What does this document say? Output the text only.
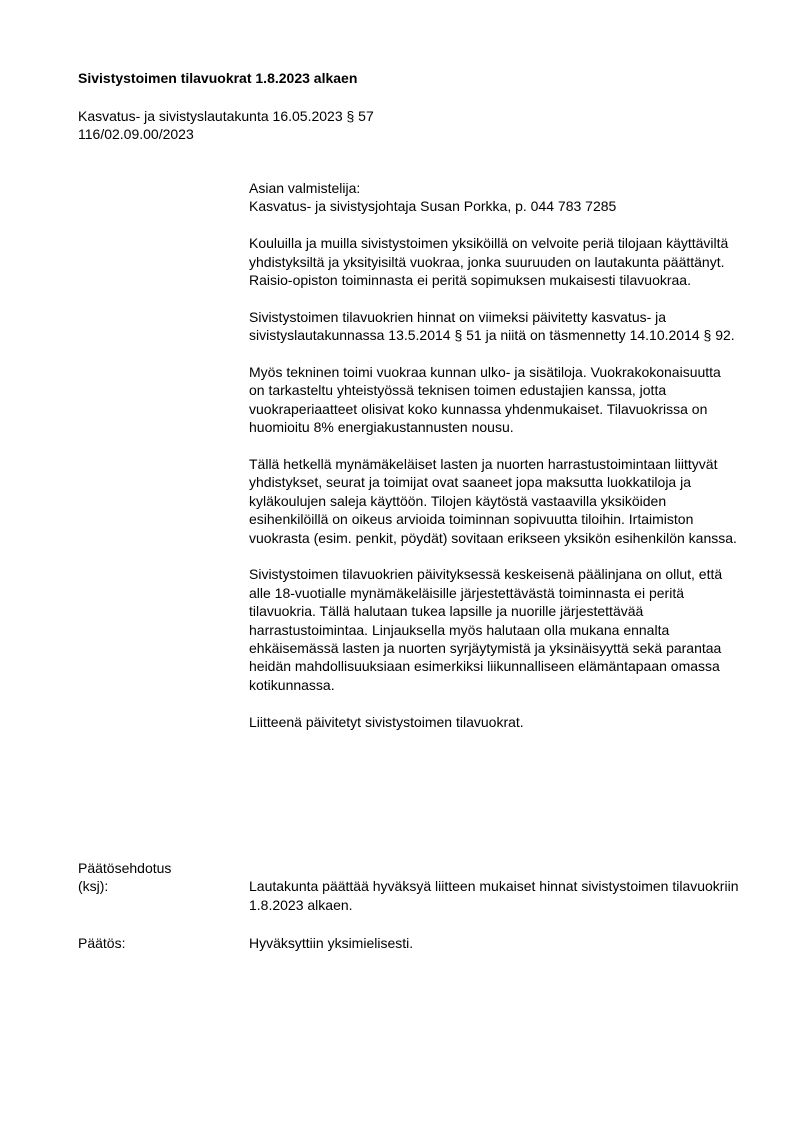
Sivistystoimen tilavuokrat 1.8.2023 alkaen
Kasvatus- ja sivistyslautakunta 16.05.2023 § 57
116/02.09.00/2023
Asian valmistelija:
Kasvatus- ja sivistysjohtaja Susan Porkka, p. 044 783 7285

Kouluilla ja muilla sivistystoimen yksiköillä on velvoite periä tilojaan käyttäviltä yhdistyksiltä ja yksityisiltä vuokraa, jonka suuruuden on lautakunta päättänyt. Raisio-opiston toiminnasta ei peritä sopimuksen mukaisesti tilavuokraa.

Sivistystoimen tilavuokrien hinnat on viimeksi päivitetty kasvatus- ja sivistyslautakunnassa 13.5.2014 § 51 ja niitä on täsmennetty 14.10.2014 § 92.

Myös tekninen toimi vuokraa kunnan ulko- ja sisätiloja. Vuokrakokonaisuutta on tarkasteltu yhteistyössä teknisen toimen edustajien kanssa, jotta vuokraperiaatteet olisivat koko kunnassa yhdenmukaiset. Tilavuokrissa on huomioitu 8% energiakustannusten nousu.

Tällä hetkellä mynämäkeläiset lasten ja nuorten harrastustoimintaan liittyvät yhdistykset, seurat ja toimijat ovat saaneet jopa maksutta luokkatiloja ja kyläkoulujen saleja käyttöön. Tilojen käytöstä vastaavilla yksiköiden esihenkilöillä on oikeus arvioida toiminnan sopivuutta tiloihin. Irtaimiston vuokrasta (esim. penkit, pöydät) sovitaan erikseen yksikön esihenkilön kanssa.

Sivistystoimen tilavuokrien päivityksessä keskeisenä päälinjana on ollut, että alle 18-vuotialle mynämäkeläisille järjestettävästä toiminnasta ei peritä tilavuokria. Tällä halutaan tukea lapsille ja nuorille järjestettävää harrastustoimintaa. Linjauksella myös halutaan olla mukana ennalta ehkäisemässä lasten ja nuorten syrjäytymistä ja yksinäisyyttä sekä parantaa heidän mahdollisuuksiaan esimerkiksi liikunnalliseen elämäntapaan omassa kotikunnassa.

Liitteenä päivitetyt sivistystoimen tilavuokrat.

Päätösehdotus
(ksj):	Lautakunta päättää hyväksyä liitteen mukaiset hinnat sivistystoimen tilavuokriin 1.8.2023 alkaen.
Päätös:	Hyväksyttiin yksimielisesti.
